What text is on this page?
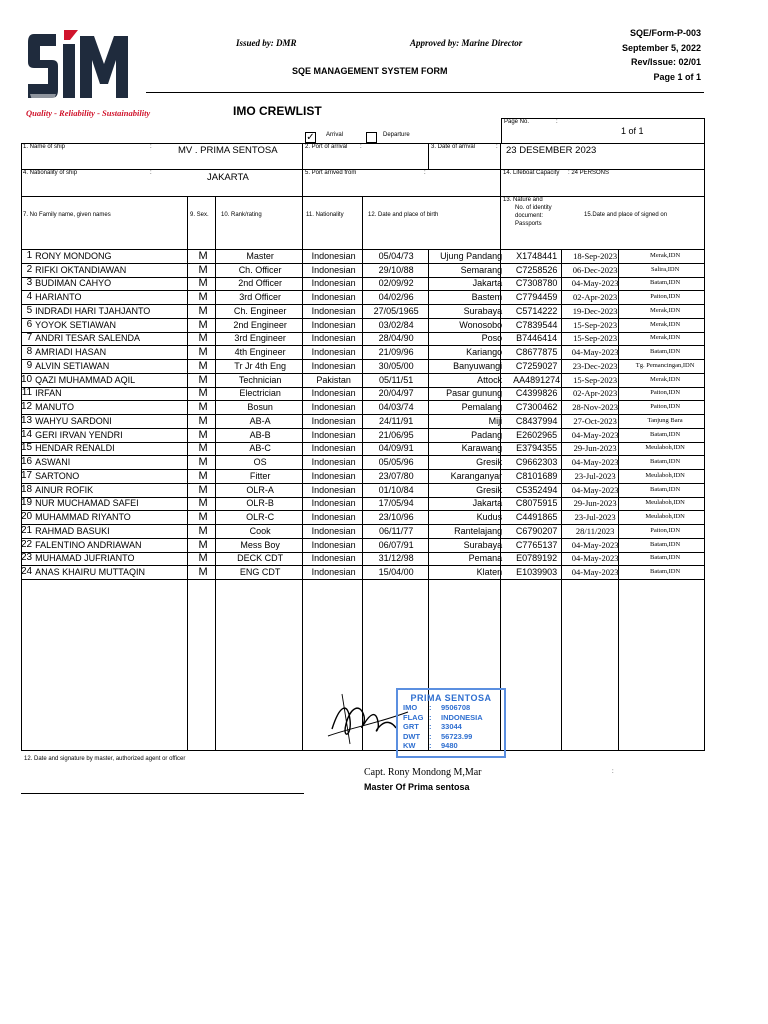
Quality - Reliability - Sustainability
Issued by: DMR	Approved by: Marine Director
SQE MANAGEMENT SYSTEM FORM
SQE/Form-P-003
September 5, 2022
Rev/Issue: 02/01
Page 1 of 1
IMO CREWLIST
Page No.	:
1 of 1
✓ Arrival	Departure
1. Name of ship	:	MV . PRIMA SENTOSA	2. Port of arrival :	3. Date of arrival	: 23 DESEMBER 2023
4. Nationality of ship	:	JAKARTA	5. Port arrived from	:	14. Lifeboat Capacity : 24 PERSONS
7. No Family name, given names	9. Sex. 10. Rank/rating	11. Nationality	12. Date and place of birth
13. Nature and
No. of identity
document:
Passports
15.Date and place of signed on
1	RONY MONDONG	M	Master	Indonesian	05/04/73	Ujung Pandang	X1748441	18-Sep-2023	Merak,IDN
2	RIFKI OKTANDIAWAN	M	Ch. Officer	Indonesian	29/10/88	Semarang	C7258526	06-Dec-2023	Salira,IDN
3	BUDIMAN CAHYO	M	2nd Officer	Indonesian	02/09/92	Jakarta	C7308780	04-May-2023	Batam,IDN
4	HARIANTO	M	3rd Officer	Indonesian	04/02/96	Bastem	C7794459	02-Apr-2023	Paiton,IDN
5	INDRADI HARI TJAHJANTO	M	Ch. Engineer	Indonesian	27/05/1965	Surabaya	C5714222	19-Dec-2023	Merak,IDN
6	YOYOK SETIAWAN	M	2nd Engineer	Indonesian	03/02/84	Wonosobo	C7839544	15-Sep-2023	Merak,IDN
7	ANDRI TESAR SALENDA	M	3rd Engineer	Indonesian	28/04/90	Poso	B7446414	15-Sep-2023	Merak,IDN
8	AMRIADI HASAN	M	4th Engineer	Indonesian	21/09/96	Kariango	C8677875	04-May-2023	Batam,IDN
9	ALVIN SETIAWAN	M	Tr Jr 4th Eng	Indonesian	30/05/00	Banyuwangi	C7259027	23-Dec-2023	Tg. Pemancingan,IDN
10	QAZI MUHAMMAD AQIL	M	Technician	Pakistan	05/11/51	Attock	AA4891274	15-Sep-2023	Merak,IDN
11	IRFAN	M	Electrician	Indonesian	20/04/97	Pasar gunung	C4399826	02-Apr-2023	Paiton,IDN
12	MANUTO	M	Bosun	Indonesian	04/03/74	Pemalang	C7300462	28-Nov-2023	Paiton,IDN
13	WAHYU SARDONI	M	AB-A	Indonesian	24/11/91	Miji	C8437994	27-Oct-2023	Tanjung Bara
14	GERI IRVAN YENDRI	M	AB-B	Indonesian	21/06/95	Padang	E2602965	04-May-2023	Batam,IDN
15	HENDAR RENALDI	M	AB-C	Indonesian	04/09/91	Karawang	E3794355	29-Jun-2023	Meulaboh,IDN
16	ASWANI	M	OS	Indonesian	05/05/96	Gresik	C9662303	04-May-2023	Batam,IDN
17	SARTONO	M	Fitter	Indonesian	23/07/80	Karanganyar	C8101689	23-Jul-2023	Meulaboh,IDN
18	AINUR ROFIK	M	OLR-A	Indonesian	01/10/84	Gresik	C5352494	04-May-2023	Batam,IDN
19	NUR MUCHAMAD SAFEI	M	OLR-B	Indonesian	17/05/94	Jakarta	C8075915	29-Jun-2023	Meulaboh,IDN
20	MUHAMMAD RIYANTO	M	OLR-C	Indonesian	23/10/96	Kudus	C4491865	23-Jul-2023	Meulaboh,IDN
21	RAHMAD BASUKI	M	Cook	Indonesian	06/11/77	Rantelajang	C6790207	28/11/2023	Paiton,IDN
22	FALENTINO ANDRIAWAN	M	Mess Boy	Indonesian	06/07/91	Surabaya	C7765137	04-May-2023	Batam,IDN
23	MUHAMAD JUFRIANTO	M	DECK CDT	Indonesian	31/12/98	Pemana	E0789192	04-May-2023	Batam,IDN
24	ANAS KHAIRU MUTTAQIN	M	ENG CDT	Indonesian	15/04/00	Klaten	E1039903	04-May-2023	Batam,IDN
PRIMA SENTOSA
IMO : 9506708
FLAG : INDONESIA
GRT : 33044
DWT : 56723.99
KW : 9480
12. Date and signature by master, authorized agent or officer
Capt. Rony Mondong M,Mar	:
Master Of Prima sentosa
